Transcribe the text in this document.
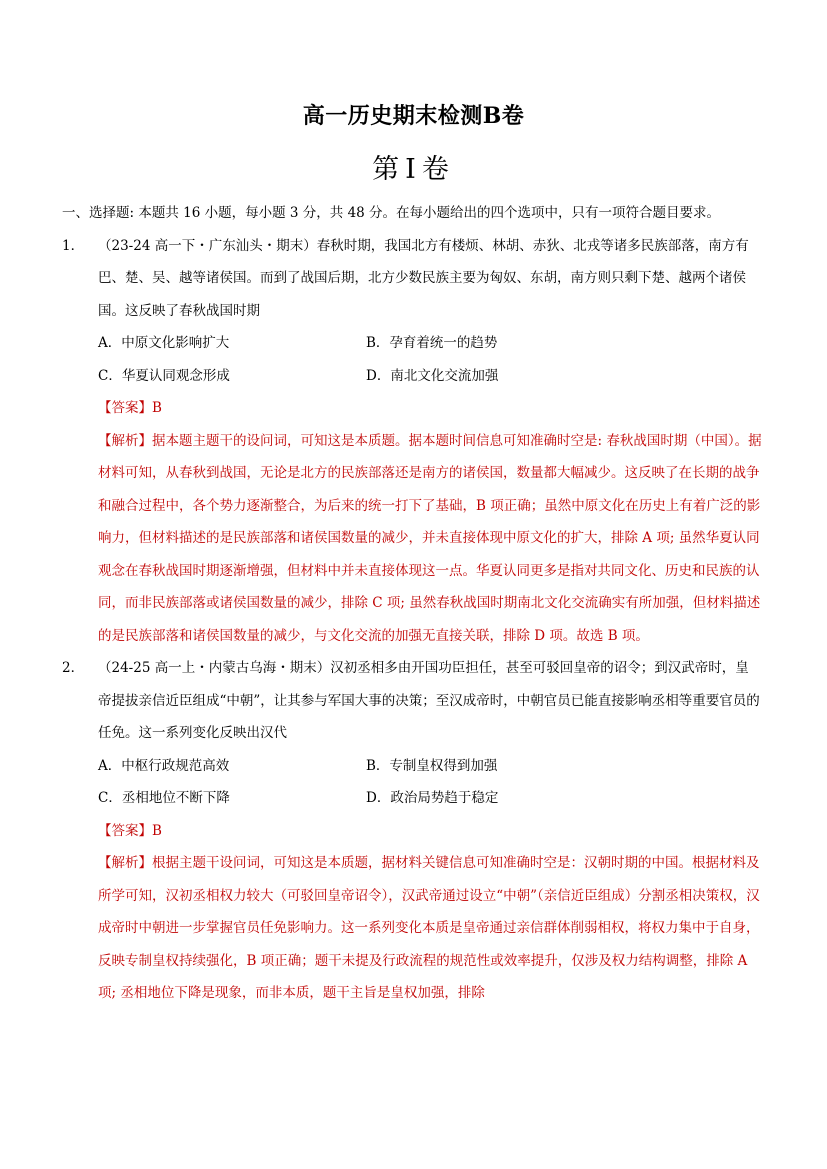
高一历史期末检测B卷
第Ⅰ卷

一、选择题: 本题共 16 小题，每小题 3 分，共 48 分。在每小题给出的四个选项中，只有一项符合题目要求。

1． （23-24 高一下・广东汕头・期末）春秋时期，我国北方有楼烦、林胡、赤狄、北戎等诸多民族部落，南方有巴、楚、吴、越等诸侯国。而到了战国后期，北方少数民族主要为匈奴、东胡，南方则只剩下楚、越两个诸侯国。这反映了春秋战国时期

A．中原文化影响扩大	B．孕育着统一的趋势
C．华夏认同观念形成	D．南北文化交流加强

【答案】B

【解析】据本题主题干的设问词，可知这是本质题。据本题时间信息可知准确时空是: 春秋战国时期（中国）。据材料可知，从春秋到战国，无论是北方的民族部落还是南方的诸侯国，数量都大幅减少。这反映了在长期的战争和融合过程中，各个势力逐渐整合，为后来的统一打下了基础，B 项正确；虽然中原文化在历史上有着广泛的影响力，但材料描述的是民族部落和诸侯国数量的减少，并未直接体现中原文化的扩大，排除 A 项; 虽然华夏认同观念在春秋战国时期逐渐增强，但材料中并未直接体现这一点。华夏认同更多是指对共同文化、历史和民族的认同，而非民族部落或诸侯国数量的减少，排除 C 项; 虽然春秋战国时期南北文化交流确实有所加强，但材料描述的是民族部落和诸侯国数量的减少，与文化交流的加强无直接关联，排除 D 项。故选 B 项。

2． （24-25 高一上・内蒙古乌海・期末）汉初丞相多由开国功臣担任，甚至可驳回皇帝的诏令；到汉武帝时，皇帝提拔亲信近臣组成“中朝”，让其参与军国大事的决策；至汉成帝时，中朝官员已能直接影响丞相等重要官员的任免。这一系列变化反映出汉代

A．中枢行政规范高效	B．专制皇权得到加强
C．丞相地位不断下降	D．政治局势趋于稳定

【答案】B

【解析】根据主题干设问词，可知这是本质题，据材料关键信息可知准确时空是：汉朝时期的中国。根据材料及所学可知，汉初丞相权力较大（可驳回皇帝诏令），汉武帝通过设立“中朝”（亲信近臣组成）分割丞相决策权，汉成帝时中朝进一步掌握官员任免影响力。这一系列变化本质是皇帝通过亲信群体削弱相权，将权力集中于自身，反映专制皇权持续强化，B 项正确；题干未提及行政流程的规范性或效率提升，仅涉及权力结构调整，排除 A 项; 丞相地位下降是现象，而非本质，题干主旨是皇权加强，排除
